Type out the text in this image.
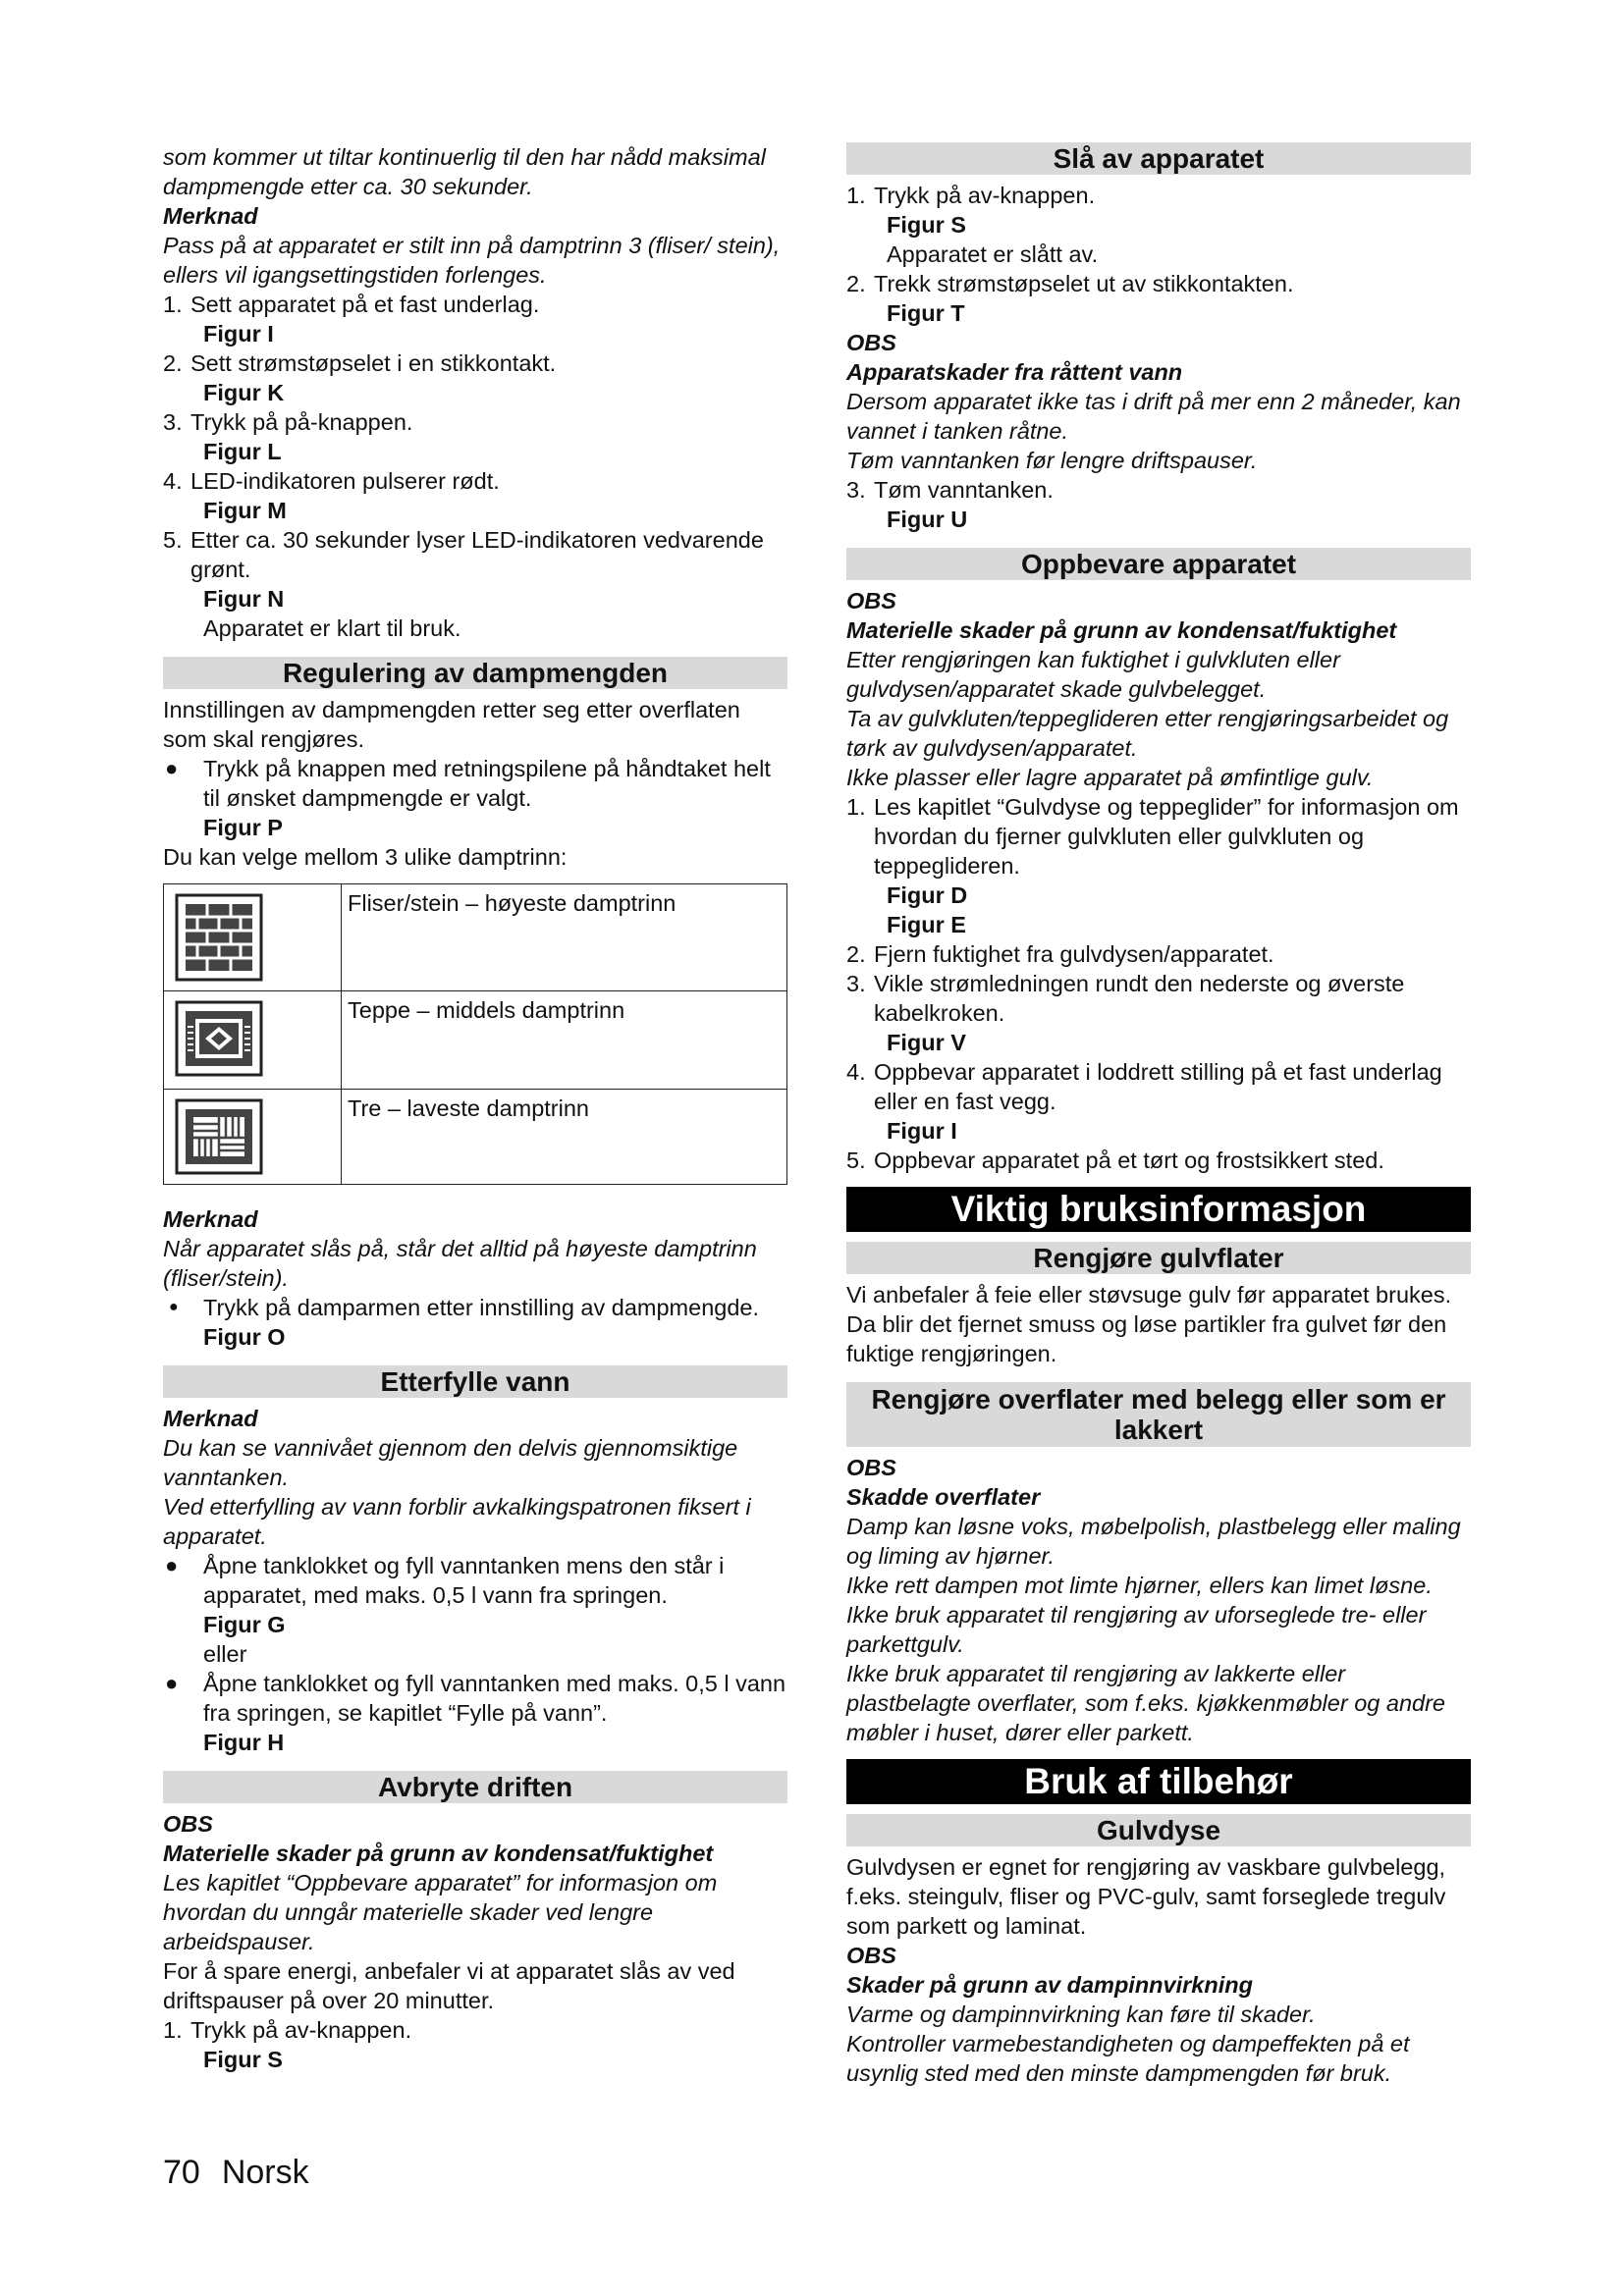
som kommer ut tiltar kontinuerlig til den har nådd maksimal dampmengde etter ca. 30 sekunder.

Merknad

Pass på at apparatet er stilt inn på damptrinn 3 (fliser/ stein), ellers vil igangsettingstiden forlenges.

1. Sett apparatet på et fast underlag.

Figur I

2. Sett strømstøpselet i en stikkontakt.

Figur K

3. Trykk på på-knappen.

Figur L

4. LED-indikatoren pulserer rødt.

Figur M

5. Etter ca. 30 sekunder lyser LED-indikatoren vedvarende grønt.

Figur N

Apparatet er klart til bruk.

Regulering av dampmengden

Innstillingen av dampmengden retter seg etter overflaten som skal rengjøres.

● Trykk på knappen med retningspilene på håndtaket helt til ønsket dampmengde er valgt.

Figur P

Du kan velge mellom 3 ulike damptrinn:

	Fliser/stein – høyeste damptrinn

	Teppe – middels damptrinn

	Tre – laveste damptrinn

Merknad

Når apparatet slås på, står det alltid på høyeste damptrinn (fliser/stein).

● Trykk på damparmen etter innstilling av dampmengde.

Figur O

Etterfylle vann

Merknad

Du kan se vannivået gjennom den delvis gjennomsiktige vanntanken.

Ved etterfylling av vann forblir avkalkingspatronen fiksert i apparatet.

● Åpne tanklokket og fyll vanntanken mens den står i apparatet, med maks. 0,5 l vann fra springen.

Figur G

eller

● Åpne tanklokket og fyll vanntanken med maks. 0,5 l vann fra springen, se kapitlet “Fylle på vann”.

Figur H

Avbryte driften

OBS

Materielle skader på grunn av kondensat/fuktighet

Les kapitlet “Oppbevare apparatet” for informasjon om hvordan du unngår materielle skader ved lengre arbeidspauser.

For å spare energi, anbefaler vi at apparatet slås av ved driftspauser på over 20 minutter.

1. Trykk på av-knappen.

Figur S

Slå av apparatet
1. Trykk på av-knappen.

Figur S

Apparatet er slått av.

2. Trekk strømstøpselet ut av stikkontakten.

Figur T

OBS

Apparatskader fra råttent vann

Dersom apparatet ikke tas i drift på mer enn 2 måneder, kan vannet i tanken råtne.

Tøm vanntanken før lengre driftspauser.

3. Tøm vanntanken.

Figur U

Oppbevare apparatet

OBS

Materielle skader på grunn av kondensat/fuktighet

Etter rengjøringen kan fuktighet i gulvkluten eller gulvdysen/apparatet skade gulvbelegget.

Ta av gulvkluten/teppeglideren etter rengjøringsarbeidet og tørk av gulvdysen/apparatet.

Ikke plasser eller lagre apparatet på ømfintlige gulv.

1. Les kapitlet “Gulvdyse og teppeglider” for informasjon om hvordan du fjerner gulvkluten eller gulvkluten og teppeglideren.

Figur D

Figur E

2. Fjern fuktighet fra gulvdysen/apparatet.
3. Vikle strømledningen rundt den nederste og øverste kabelkroken.

Figur V

4. Oppbevar apparatet i loddrett stilling på et fast underlag eller en fast vegg.

Figur I

5. Oppbevar apparatet på et tørt og frostsikkert sted.
Viktig bruksinformasjon
Rengjøre gulvflater

Vi anbefaler å feie eller støvsuge gulv før apparatet brukes. Da blir det fjernet smuss og løse partikler fra gulvet før den fuktige rengjøringen.

Rengjøre overflater med belegg eller som er lakkert

OBS

Skadde overflater

Damp kan løsne voks, møbelpolish, plastbelegg eller maling og liming av hjørner.

Ikke rett dampen mot limte hjørner, ellers kan limet løsne.

Ikke bruk apparatet til rengjøring av uforseglede tre- eller parkettgulv.

Ikke bruk apparatet til rengjøring av lakkerte eller plastbelagte overflater, som f.eks. kjøkkenmøbler og andre møbler i huset, dører eller parkett.

Bruk af tilbehør
Gulvdyse

Gulvdysen er egnet for rengjøring av vaskbare gulvbelegg, f.eks. steingulv, fliser og PVC-gulv, samt forseglede tregulv som parkett og laminat.

OBS

Skader på grunn av dampinnvirkning

Varme og dampinnvirkning kan føre til skader.

Kontroller varmebestandigheten og dampeffekten på et usynlig sted med den minste dampmengden før bruk.

70 Norsk
